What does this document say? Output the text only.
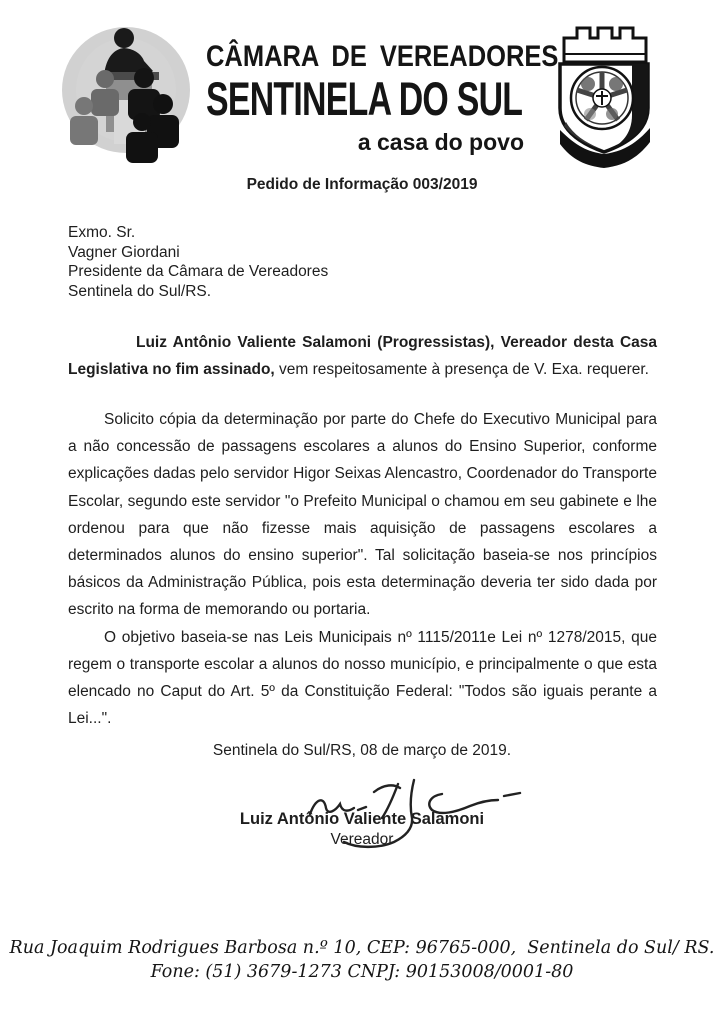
CÂMARA DE VEREADORES
SENTINELA DO SUL
a casa do povo
Pedido de Informação 003/2019
Exmo. Sr.
Vagner Giordani
Presidente da Câmara de Vereadores
Sentinela do Sul/RS.

Luiz Antônio Valiente Salamoni (Progressistas), Vereador desta Casa Legislativa no fim assinado, vem respeitosamente à presença de V. Exa. requerer.

Solicito cópia da determinação por parte do Chefe do Executivo Municipal para a não concessão de passagens escolares a alunos do Ensino Superior, conforme explicações dadas pelo servidor Higor Seixas Alencastro, Coordenador do Transporte Escolar, segundo este servidor "o Prefeito Municipal o chamou em seu gabinete e lhe ordenou para que não fizesse mais aquisição de passagens escolares a determinados alunos do ensino superior". Tal solicitação baseia-se nos princípios básicos da Administração Pública, pois esta determinação deveria ter sido dada por escrito na forma de memorando ou portaria.

O objetivo baseia-se nas Leis Municipais nº 1115/2011e Lei nº 1278/2015, que regem o transporte escolar a alunos do nosso município, e principalmente o que esta elencado no Caput do Art. 5º da Constituição Federal: "Todos são iguais perante a Lei...".

Sentinela do Sul/RS, 08 de março de 2019.
Luiz Antônio Valiente Salamoni
Vereador
Rua Joaquim Rodrigues Barbosa n.º 10, CEP: 96765-000,  Sentinela do Sul/ RS.
Fone: (51) 3679-1273 CNPJ: 90153008/0001-80
